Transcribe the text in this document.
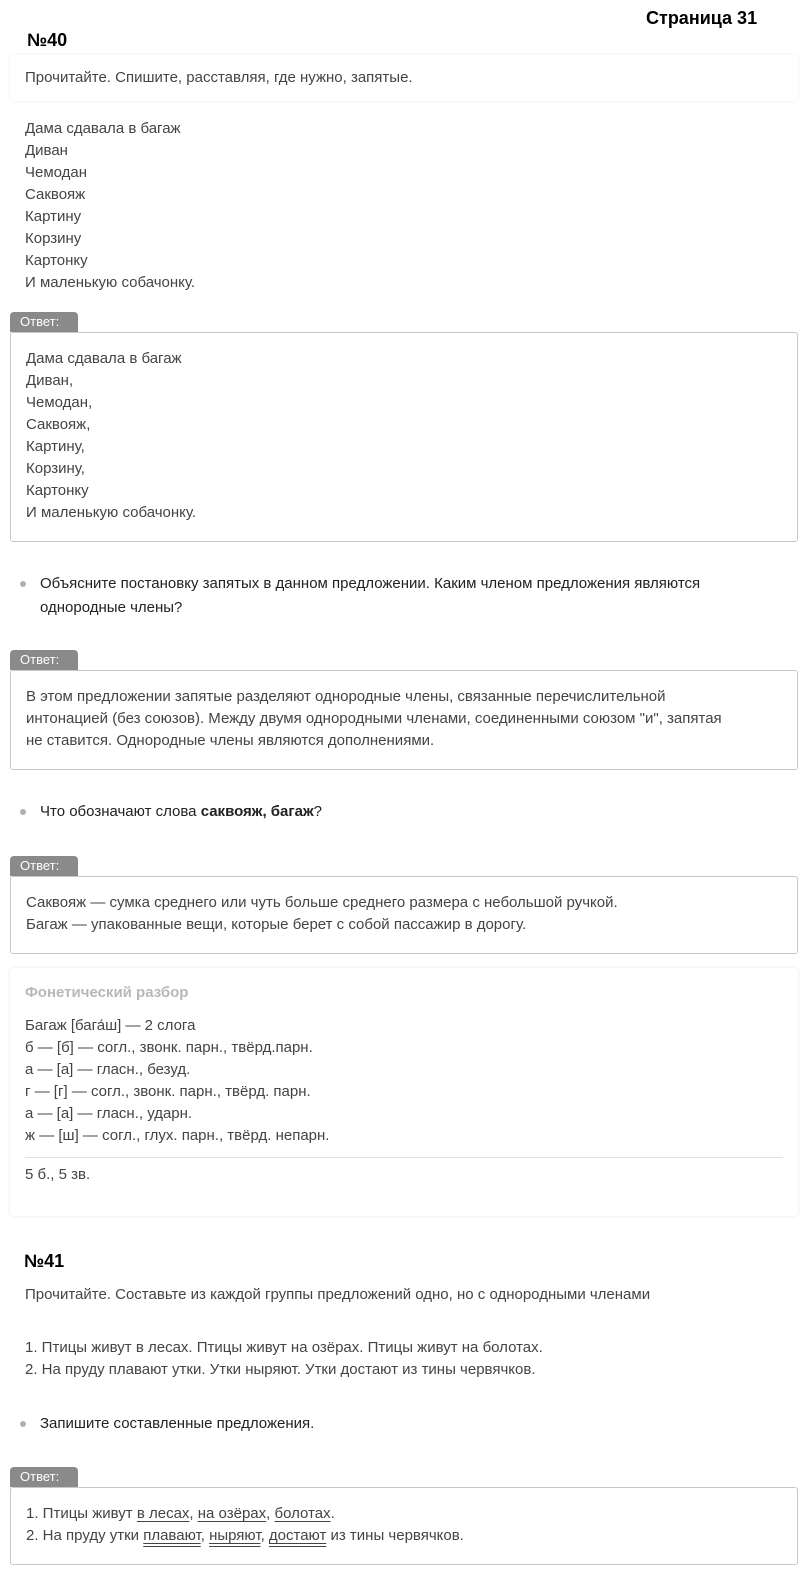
Страница 31
№40
Прочитайте. Спишите, расставляя, где нужно, запятые.
Дама сдавала в багаж
Диван
Чемодан
Саквояж
Картину
Корзину
Картонку
И маленькую собачонку.
Ответ:
Дама сдавала в багаж
Диван,
Чемодан,
Саквояж,
Картину,
Корзину,
Картонку
И маленькую собачонку.
Объясните постановку запятых в данном предложении. Каким членом предложения являются
однородные члены?
Ответ:
В этом предложении запятые разделяют однородные члены, связанные перечислительной
интонацией (без союзов). Между двумя однородными членами, соединенными союзом "и", запятая
не ставится. Однородные члены являются дополнениями.
Что обозначают слова саквояж, багаж?
Ответ:
Саквояж — сумка среднего или чуть больше среднего размера с небольшой ручкой.
Багаж — упакованные вещи, которые берет с собой пассажир в дорогу.
Фонетический разбор
Багаж [бага́ш] — 2 слога
б — [б] — согл., звонк. парн., твёрд.парн.
а — [а] — гласн., безуд.
г — [г] — согл., звонк. парн., твёрд. парн.
а — [а] — гласн., ударн.
ж — [ш] — согл., глух. парн., твёрд. непарн.
5 б., 5 зв.
№41
Прочитайте. Составьте из каждой группы предложений одно, но с однородными членами
1. Птицы живут в лесах. Птицы живут на озёрах. Птицы живут на болотах.
2. На пруду плавают утки. Утки ныряют. Утки достают из тины червячков.
Запишите составленные предложения.
Ответ:
1. Птицы живут в лесах, на озёрах, болотах.
2. На пруду утки плавают, ныряют, достают из тины червячков.
